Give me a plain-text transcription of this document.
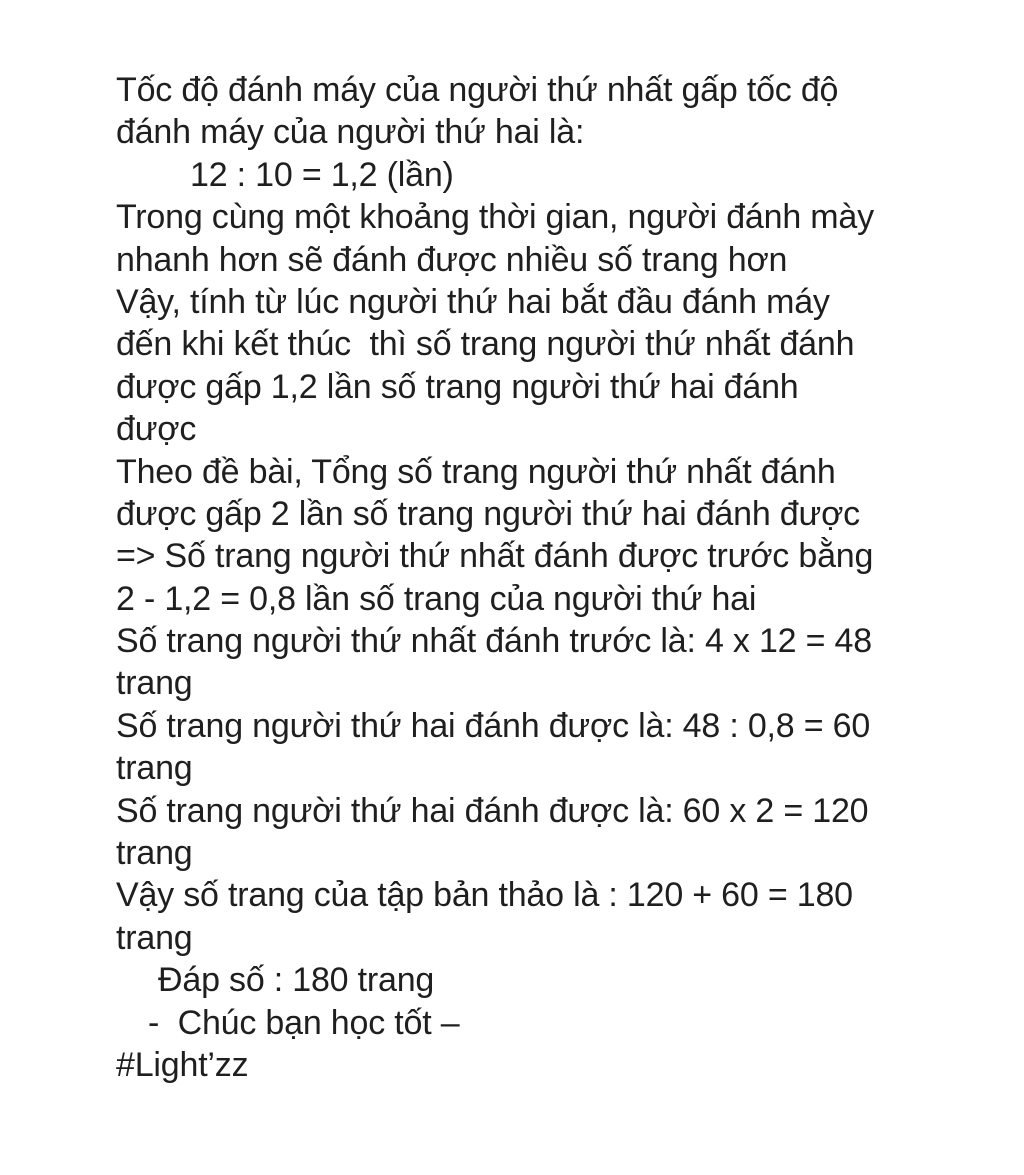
Tốc độ đánh máy của người thứ nhất gấp tốc độ
đánh máy của người thứ hai là:
12 : 10 = 1,2 (lần)
Trong cùng một khoảng thời gian, người đánh mày
nhanh hơn sẽ đánh được nhiều số trang hơn
Vậy, tính từ lúc người thứ hai bắt đầu đánh máy
đến khi kết thúc  thì số trang người thứ nhất đánh
được gấp 1,2 lần số trang người thứ hai đánh
được
Theo đề bài, Tổng số trang người thứ nhất đánh
được gấp 2 lần số trang người thứ hai đánh được
=> Số trang người thứ nhất đánh được trước bằng
2 - 1,2 = 0,8 lần số trang của người thứ hai
Số trang người thứ nhất đánh trước là: 4 x 12 = 48
trang
Số trang người thứ hai đánh được là: 48 : 0,8 = 60
trang
Số trang người thứ hai đánh được là: 60 x 2 = 120
trang
Vậy số trang của tập bản thảo là : 120 + 60 = 180
trang
Đáp số : 180 trang
-  Chúc bạn học tốt –
#Light’zz
